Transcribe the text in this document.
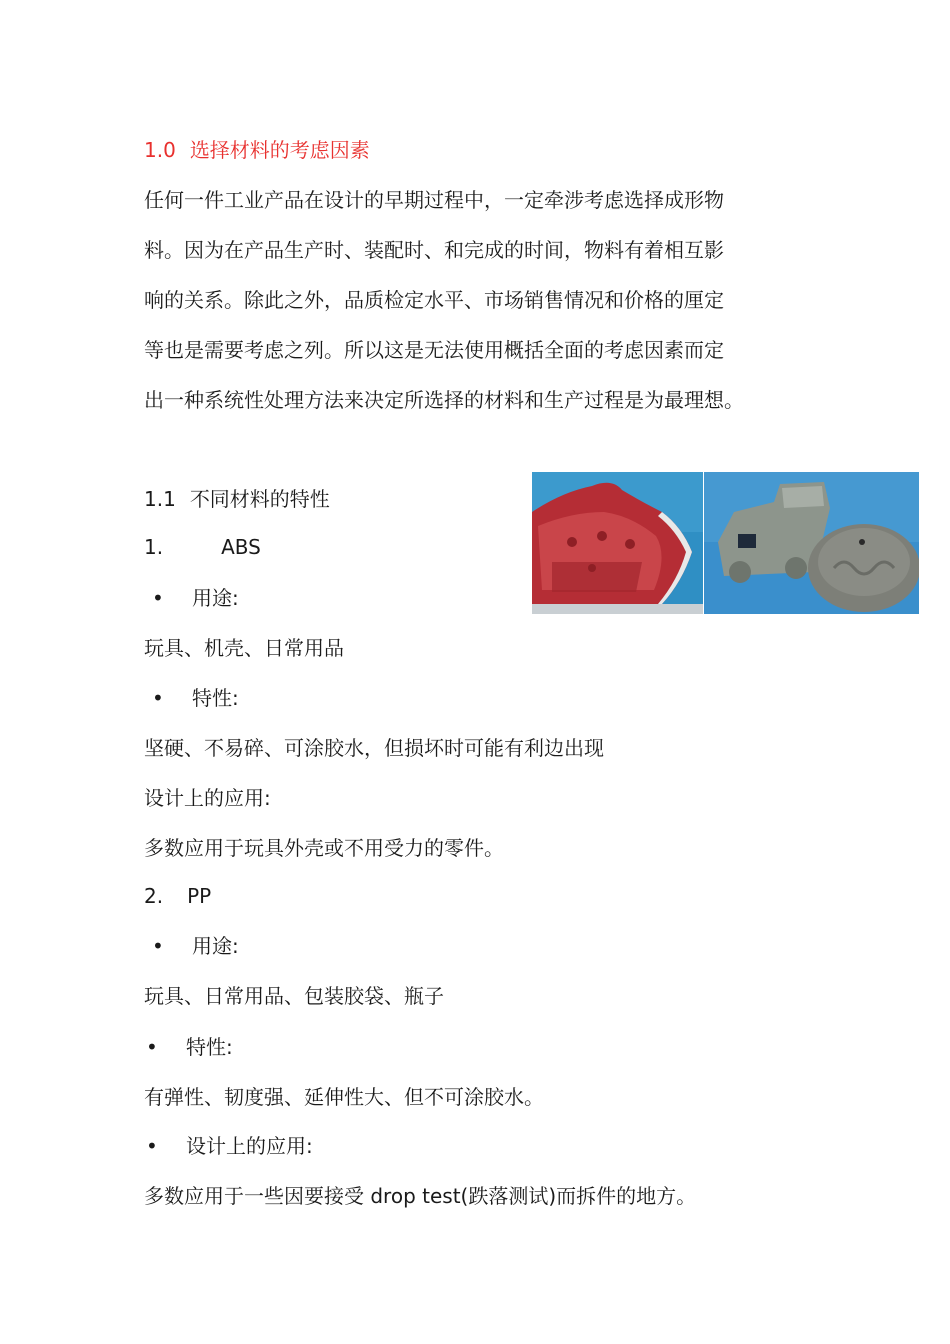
1.0 选择材料的考虑因素
任何一件工业产品在设计的早期过程中，一定牵涉考虑选择成形物
料。因为在产品生产时、装配时、和完成的时间，物料有着相互影
响的关系。除此之外，品质检定水平、市场销售情况和价格的厘定
等也是需要考虑之列。所以这是无法使用概括全面的考虑因素而定
出一种系统性处理方法来决定所选择的材料和生产过程是为最理想。
1.1 不同材料的特性
1.	ABS
• 用途:
玩具、机壳、日常用品
• 特性:
坚硬、不易碎、可涂胶水，但损坏时可能有利边出现
设计上的应用:
多数应用于玩具外壳或不用受力的零件。
2. PP
• 用途:
玩具、日常用品、包装胶袋、瓶子
• 特性:
有弹性、韧度强、延伸性大、但不可涂胶水。
• 设计上的应用:
多数应用于一些因要接受 drop test(跌落测试)而拆件的地方。
